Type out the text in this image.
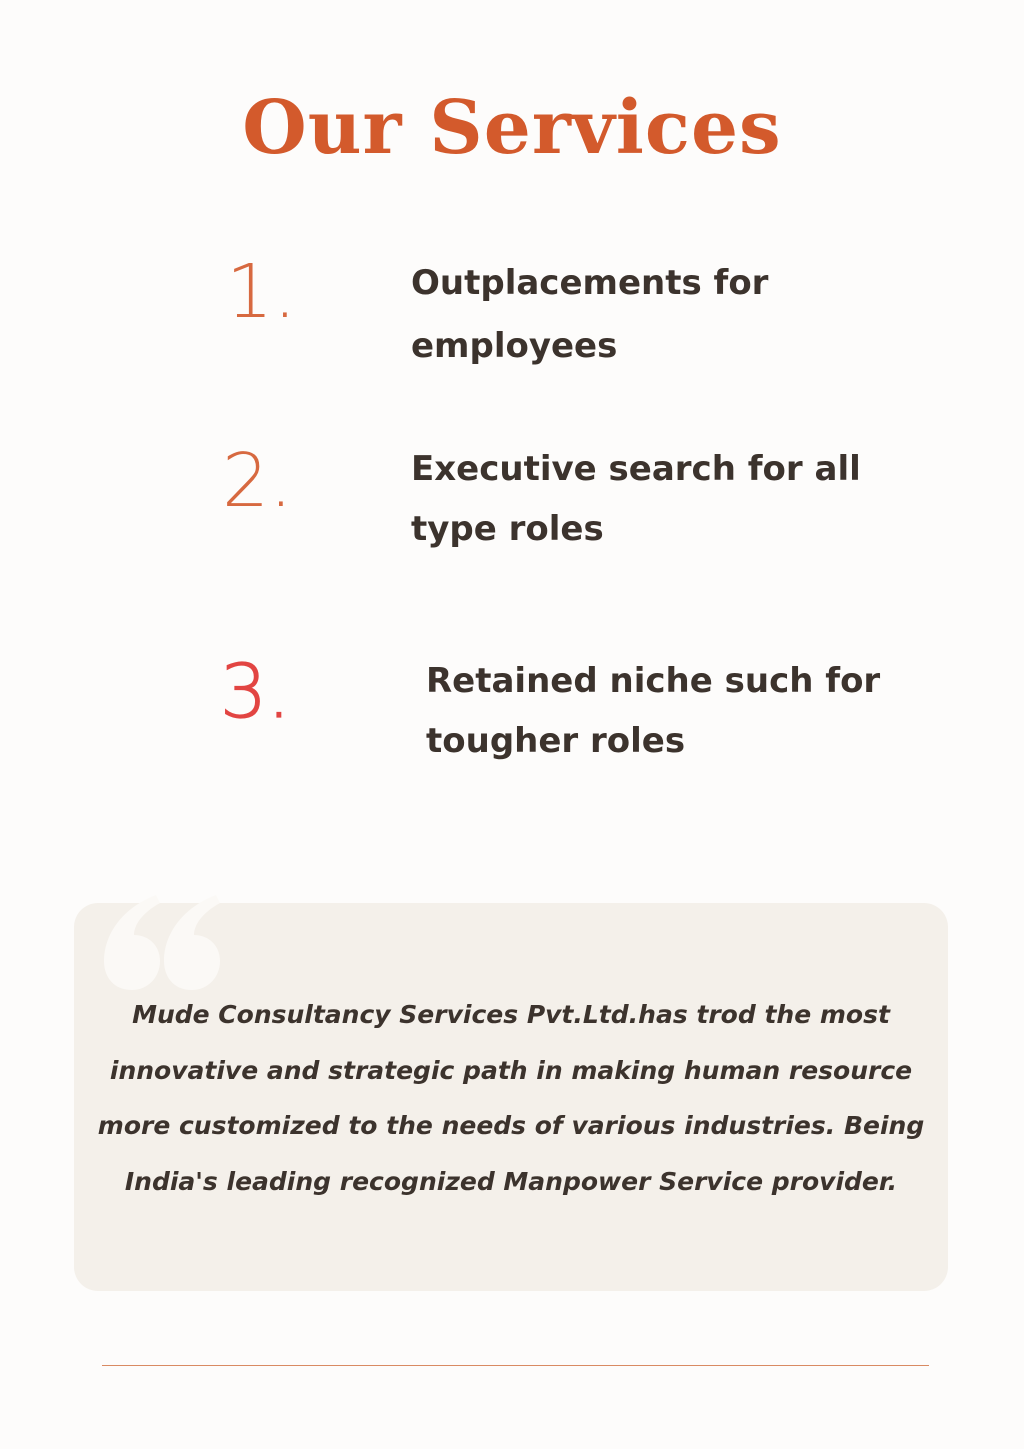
Our Services
1.	Outplacements for
employees
2.	Executive search for all
type roles
3.	Retained niche such for
tougher roles

Mude Consultancy Services Pvt.Ltd.has trod the most innovative and strategic path in making human resource more customized to the needs of various industries. Being India's leading recognized Manpower Service provider.
